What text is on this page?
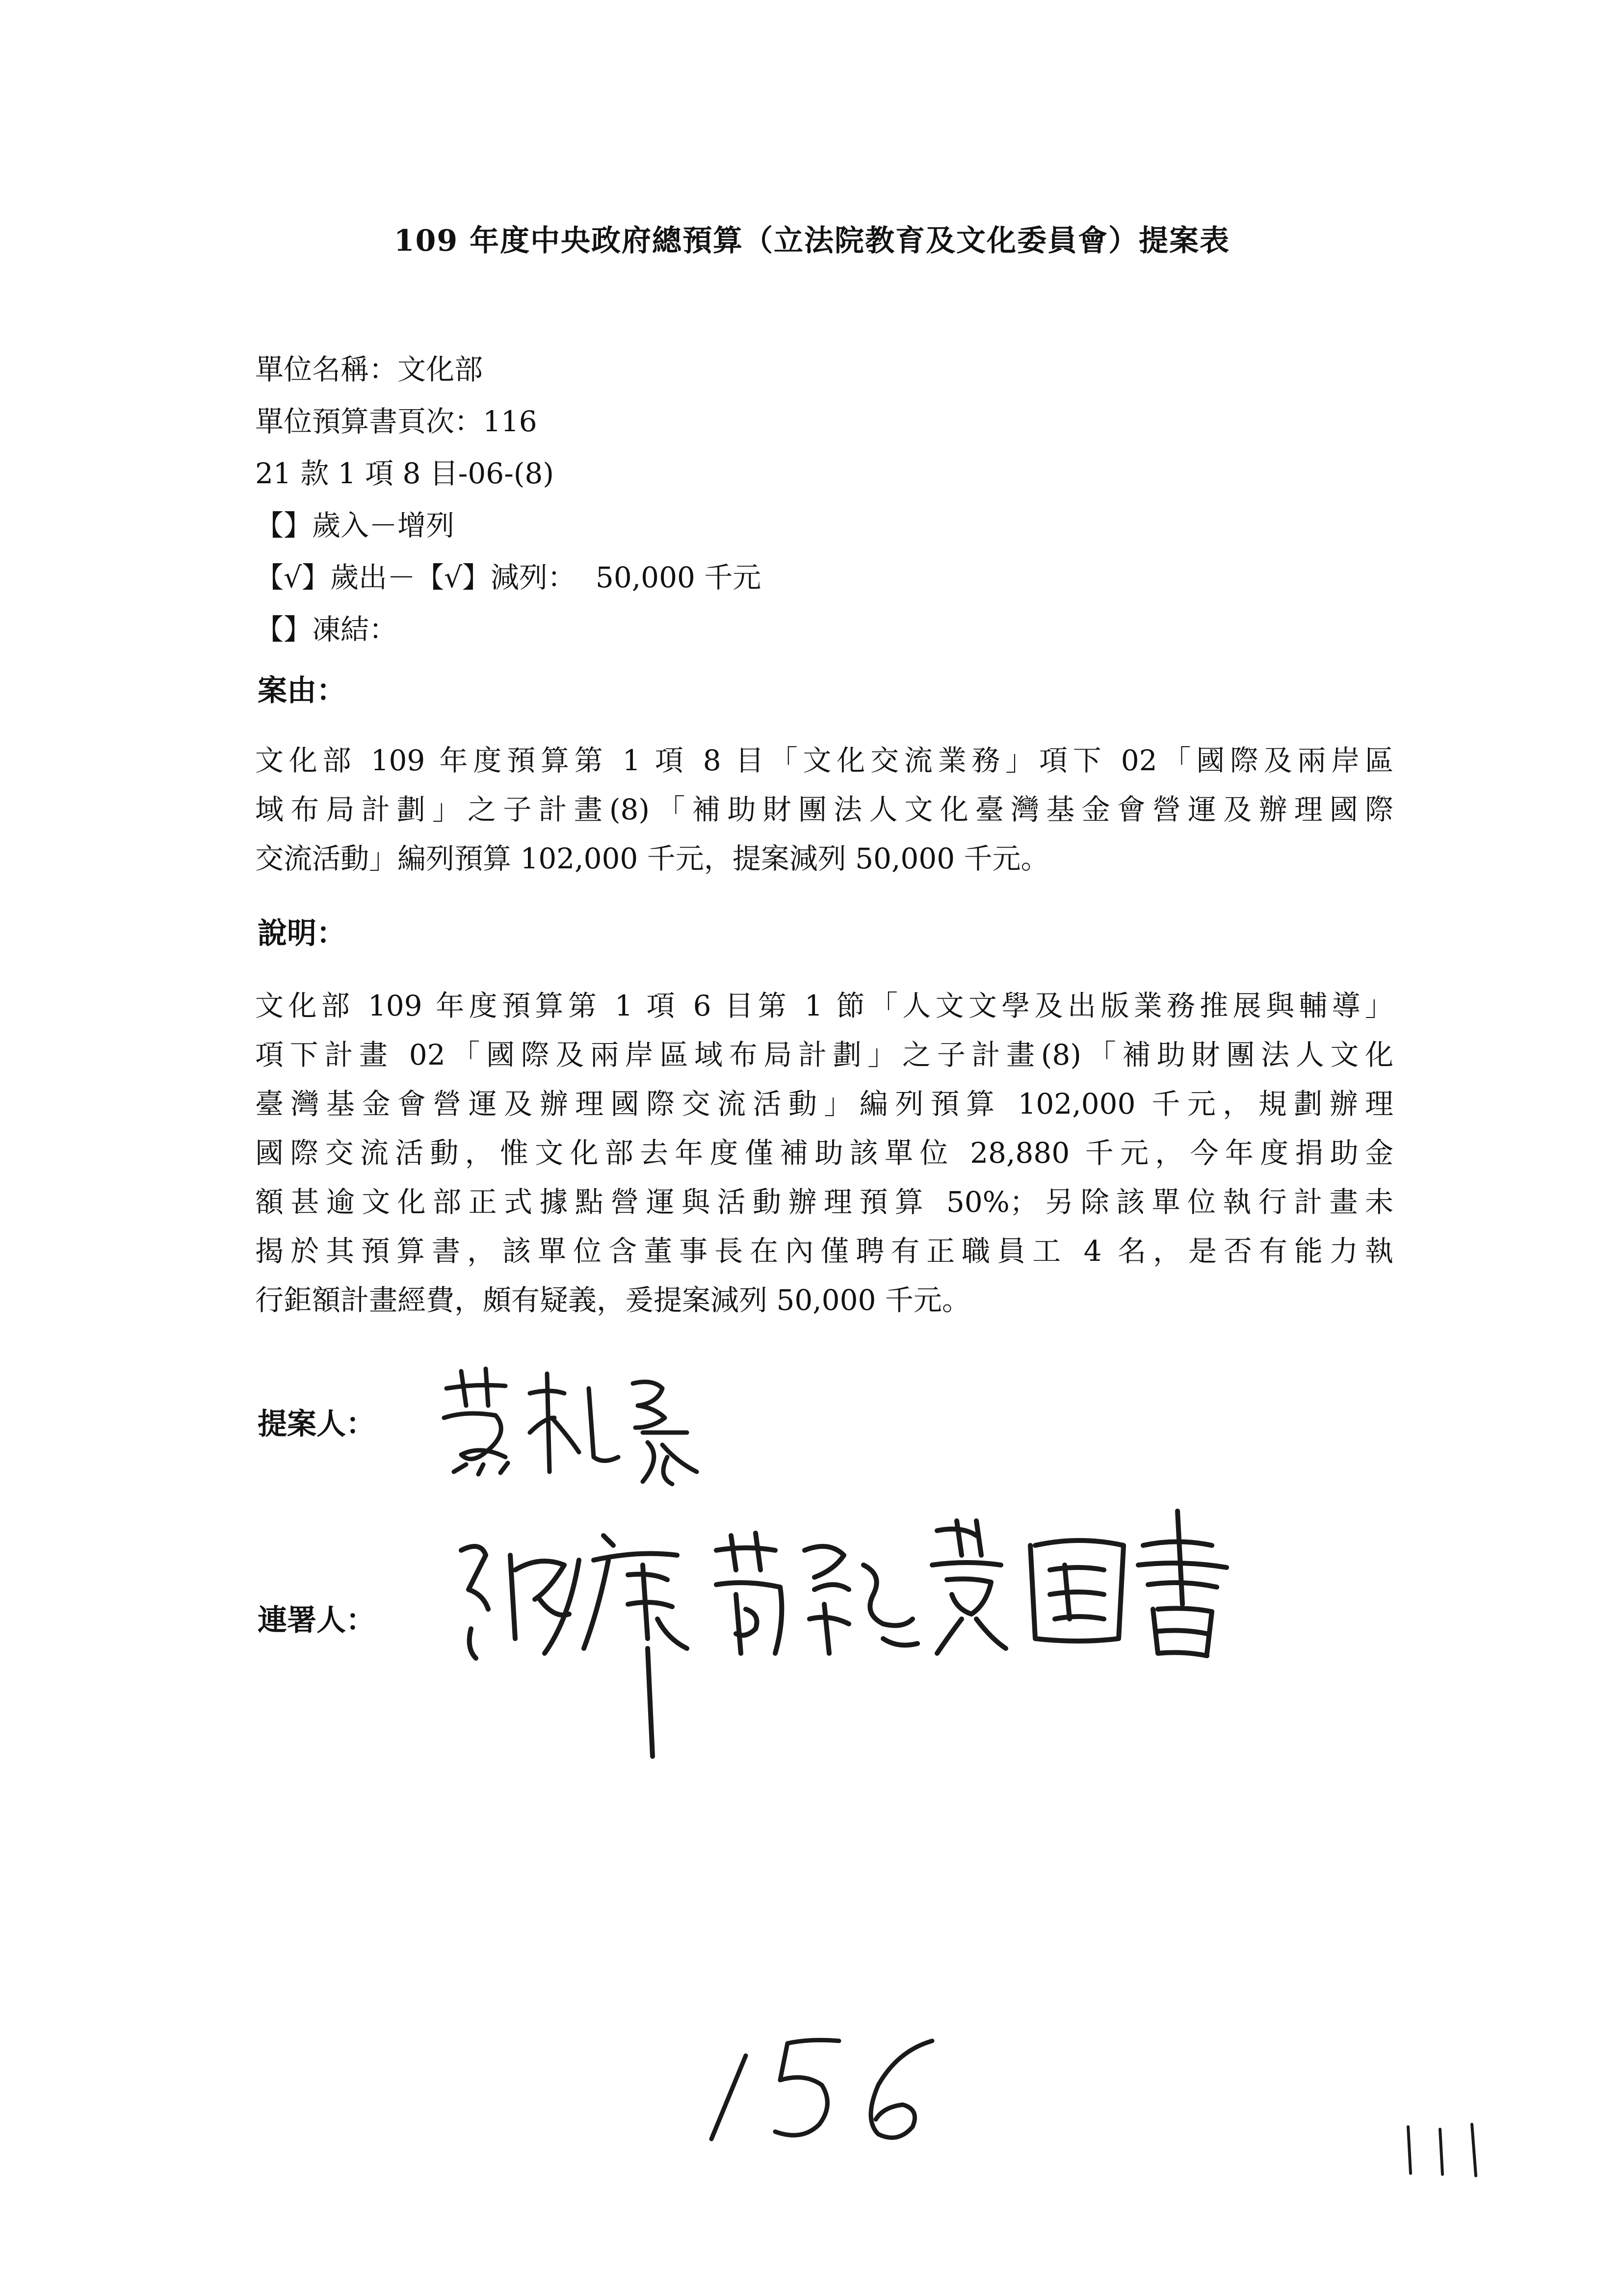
109 年度中央政府總預算（立法院教育及文化委員會）提案表
單位名稱：文化部
單位預算書頁次：116
21 款 1 項 8 目-06-(8)
【】歲入－增列
【√】歲出－【√】減列： 50,000 千元
【】凍結：
案由：
文化部 109 年度預算第 1 項 8 目「文化交流業務」項下 02「國際及兩岸區
域布局計劃」之子計畫(8)「補助財團法人文化臺灣基金會營運及辦理國際
交流活動」編列預算 102,000 千元，提案減列 50,000 千元。
說明：
文化部 109 年度預算第 1 項 6 目第 1 節「人文文學及出版業務推展與輔導」
項下計畫 02「國際及兩岸區域布局計劃」之子計畫(8)「補助財團法人文化
臺灣基金會營運及辦理國際交流活動」編列預算 102,000 千元，規劃辦理
國際交流活動，惟文化部去年度僅補助該單位 28,880 千元，今年度捐助金
額甚逾文化部正式據點營運與活動辦理預算 50%；另除該單位執行計畫未
揭於其預算書，該單位含董事長在內僅聘有正職員工 4 名，是否有能力執
行鉅額計畫經費，頗有疑義，爰提案減列 50,000 千元。
提案人：
連署人：
